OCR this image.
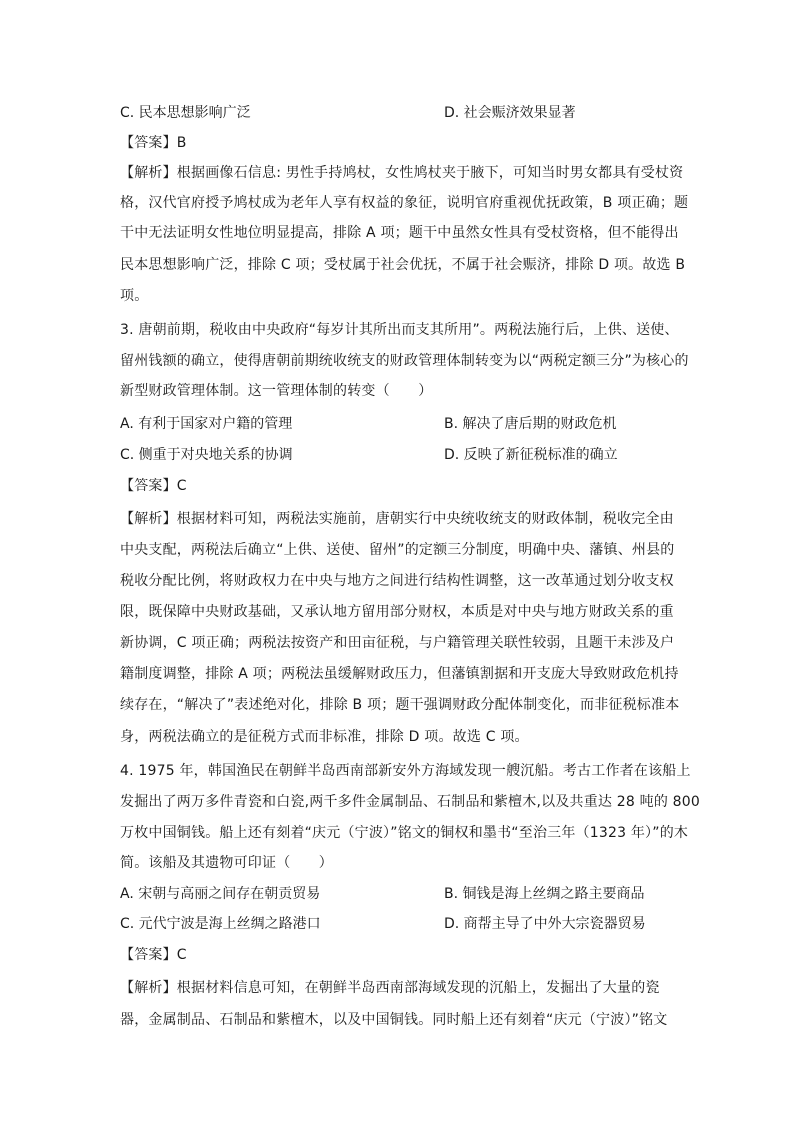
C. 民本思想影响广泛	D. 社会赈济效果显著
【答案】B
【解析】根据画像石信息: 男性手持鸠杖，女性鸠杖夹于腋下，可知当时男女都具有受杖资
格，汉代官府授予鸠杖成为老年人享有权益的象征，说明官府重视优抚政策，B 项正确；题
干中无法证明女性地位明显提高，排除 A 项；题干中虽然女性具有受杖资格，但不能得出
民本思想影响广泛，排除 C 项；受杖属于社会优抚，不属于社会赈济，排除 D 项。故选 B
项。
3. 唐朝前期，税收由中央政府“每岁计其所出而支其所用”。两税法施行后，上供、送使、
留州钱额的确立，使得唐朝前期统收统支的财政管理体制转变为以“两税定额三分”为核心的
新型财政管理体制。这一管理体制的转变（　　）
A. 有利于国家对户籍的管理	B. 解决了唐后期的财政危机
C. 侧重于对央地关系的协调	D. 反映了新征税标准的确立
【答案】C
【解析】根据材料可知，两税法实施前，唐朝实行中央统收统支的财政体制，税收完全由
中央支配，两税法后确立“上供、送使、留州”的定额三分制度，明确中央、藩镇、州县的
税收分配比例，将财政权力在中央与地方之间进行结构性调整，这一改革通过划分收支权
限，既保障中央财政基础，又承认地方留用部分财权，本质是对中央与地方财政关系的重
新协调，C 项正确；两税法按资产和田亩征税，与户籍管理关联性较弱，且题干未涉及户
籍制度调整，排除 A 项；两税法虽缓解财政压力，但藩镇割据和开支庞大导致财政危机持
续存在，“解决了”表述绝对化，排除 B 项；题干强调财政分配体制变化，而非征税标准本
身，两税法确立的是征税方式而非标准，排除 D 项。故选 C 项。
4. 1975 年，韩国渔民在朝鲜半岛西南部新安外方海域发现一艘沉船。考古工作者在该船上
发掘出了两万多件青瓷和白瓷,两千多件金属制品、石制品和紫檀木,以及共重达 28 吨的 800
万枚中国铜钱。船上还有刻着“庆元（宁波）”铭文的铜权和墨书“至治三年（1323 年）”的木
简。该船及其遗物可印证（　　）
A. 宋朝与高丽之间存在朝贡贸易	B. 铜钱是海上丝绸之路主要商品
C. 元代宁波是海上丝绸之路港口	D. 商帮主导了中外大宗瓷器贸易
【答案】C
【解析】根据材料信息可知，在朝鲜半岛西南部海域发现的沉船上，发掘出了大量的瓷
器，金属制品、石制品和紫檀木，以及中国铜钱。同时船上还有刻着“庆元（宁波）”铭文
